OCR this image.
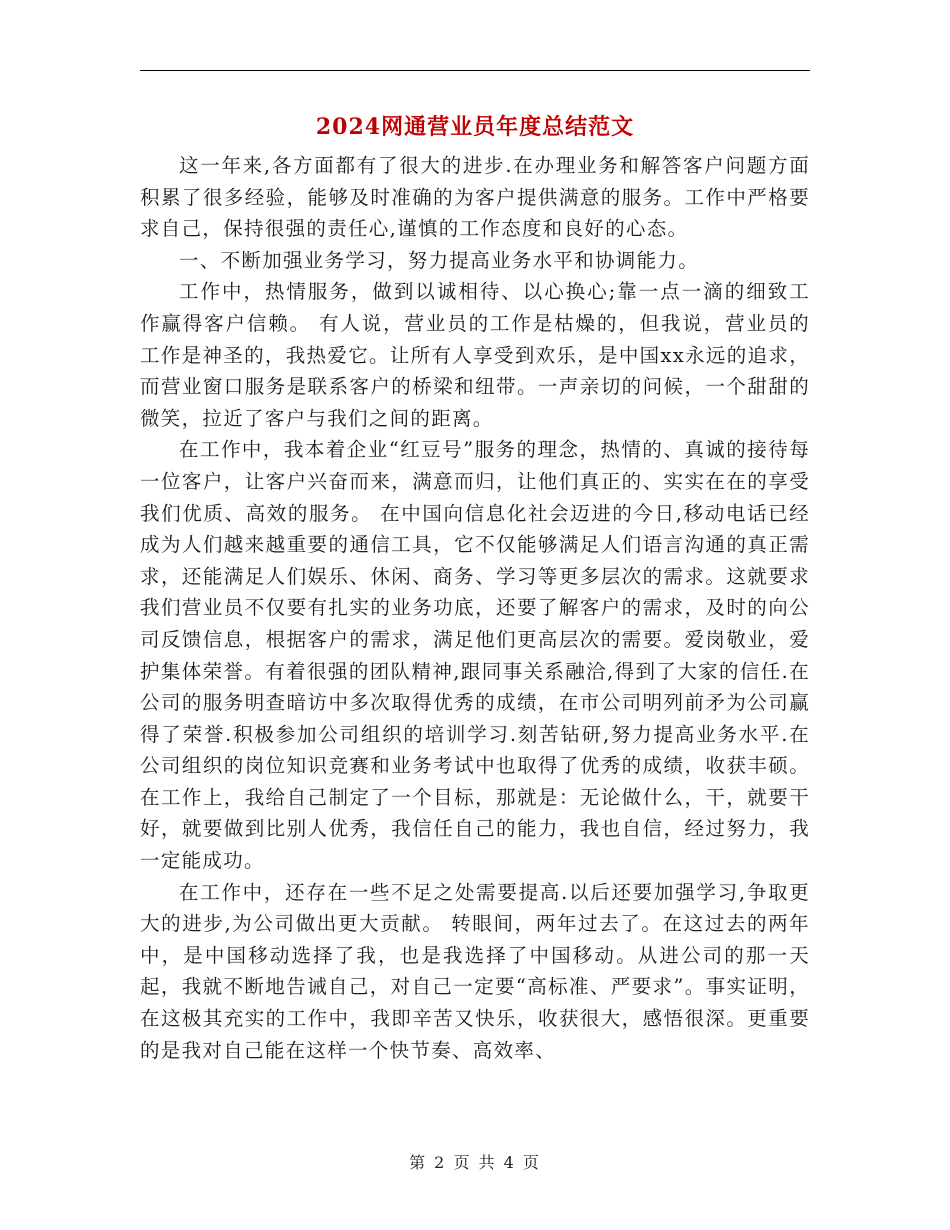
2024网通营业员年度总结范文

这一年来,各方面都有了很大的进步.在办理业务和解答客户问题方面积累了很多经验，能够及时准确的为客户提供满意的服务。工作中严格要求自己，保持很强的责任心,谨慎的工作态度和良好的心态。

一、不断加强业务学习，努力提高业务水平和协调能力。

工作中，热情服务，做到以诚相待、以心换心;靠一点一滴的细致工作赢得客户信赖。 有人说，营业员的工作是枯燥的，但我说，营业员的工作是神圣的，我热爱它。让所有人享受到欢乐，是中国xx永远的追求，而营业窗口服务是联系客户的桥梁和纽带。一声亲切的问候，一个甜甜的微笑，拉近了客户与我们之间的距离。

在工作中，我本着企业“红豆号”服务的理念，热情的、真诚的接待每一位客户，让客户兴奋而来，满意而归，让他们真正的、实实在在的享受我们优质、高效的服务。 在中国向信息化社会迈进的今日,移动电话已经成为人们越来越重要的通信工具，它不仅能够满足人们语言沟通的真正需求，还能满足人们娱乐、休闲、商务、学习等更多层次的需求。这就要求我们营业员不仅要有扎实的业务功底，还要了解客户的需求，及时的向公司反馈信息，根据客户的需求，满足他们更高层次的需要。爱岗敬业，爱护集体荣誉。有着很强的团队精神,跟同事关系融洽,得到了大家的信任.在公司的服务明查暗访中多次取得优秀的成绩，在市公司明列前矛为公司赢得了荣誉.积极参加公司组织的培训学习.刻苦钻研,努力提高业务水平.在公司组织的岗位知识竞赛和业务考试中也取得了优秀的成绩，收获丰硕。 在工作上，我给自己制定了一个目标，那就是：无论做什么，干，就要干好，就要做到比别人优秀，我信任自己的能力，我也自信，经过努力，我一定能成功。

在工作中，还存在一些不足之处需要提高.以后还要加强学习,争取更大的进步,为公司做出更大贡献。 转眼间，两年过去了。在这过去的两年中，是中国移动选择了我，也是我选择了中国移动。从进公司的那一天起，我就不断地告诫自己，对自己一定要“高标准、严要求”。事实证明，在这极其充实的工作中，我即辛苦又快乐，收获很大，感悟很深。更重要的是我对自己能在这样一个快节奏、高效率、

第 2 页 共 4 页
